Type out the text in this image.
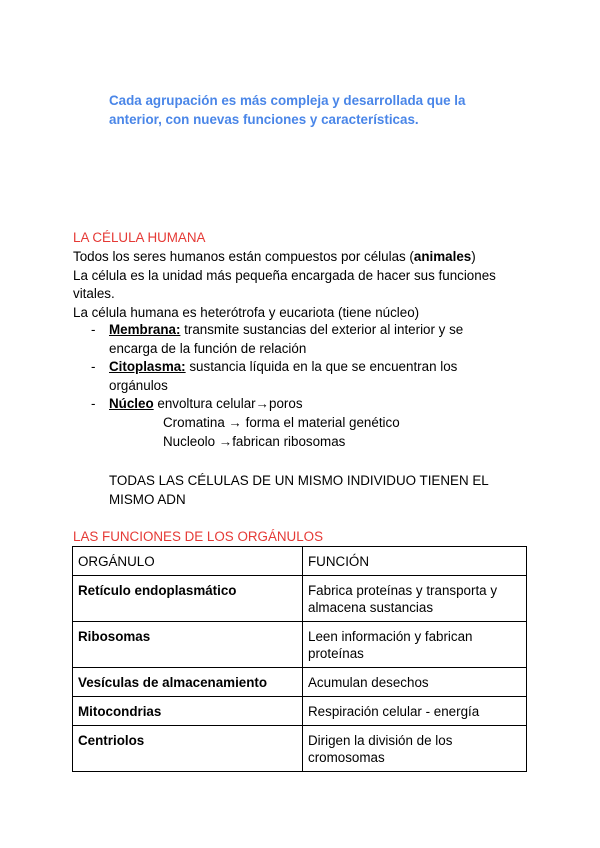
Cada agrupación es más compleja y desarrollada que la anterior, con nuevas funciones y características.
LA CÉLULA HUMANA

Todos los seres humanos están compuestos por células (animales)

La célula es la unidad más pequeña encargada de hacer sus funciones vitales.

La célula humana es heterótrofa y eucariota (tiene núcleo)

- Membrana: transmite sustancias del exterior al interior y se encarga de la función de relación
- Citoplasma: sustancia líquida en la que se encuentran los orgánulos
- Núcleo envoltura celular→poros
Cromatina → forma el material genético
Nucleolo →fabrican ribosomas
TODAS LAS CÉLULAS DE UN MISMO INDIVIDUO TIENEN EL MISMO ADN
LAS FUNCIONES DE LOS ORGÁNULOS
ORGÁNULO	FUNCIÓN
Retículo endoplasmático	Fabrica proteínas y transporta y almacena sustancias
Ribosomas	Leen información y fabrican proteínas
Vesículas de almacenamiento	Acumulan desechos
Mitocondrias	Respiración celular - energía
Centriolos	Dirigen la división de los cromosomas
